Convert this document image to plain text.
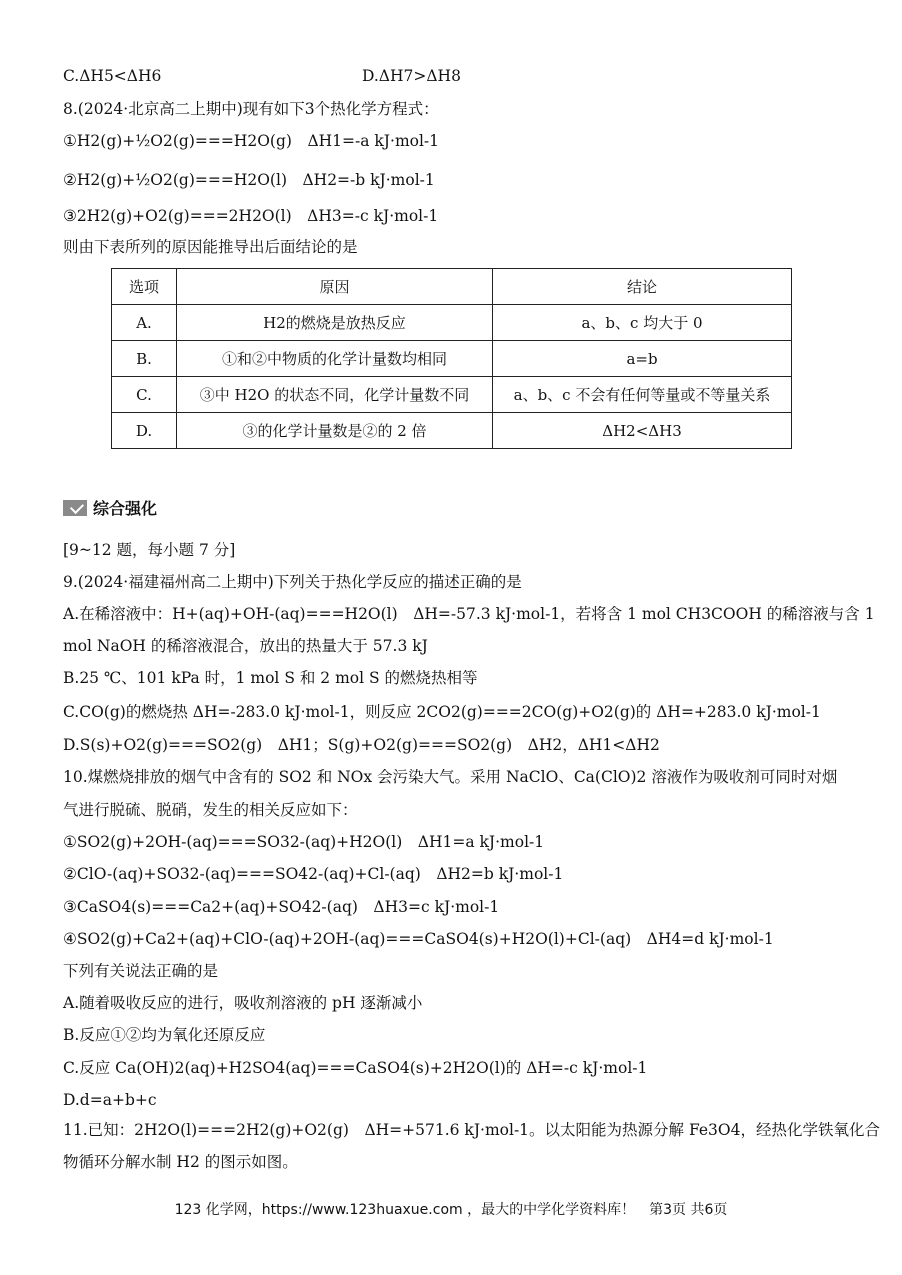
C.ΔH5<ΔH6	D.ΔH7>ΔH8
8.(2024·北京高二上期中)现有如下3个热化学方程式：
①H2(g)+½O2(g)===H2O(g)　ΔH1=-a kJ·mol-1
②H2(g)+½O2(g)===H2O(l)　ΔH2=-b kJ·mol-1
③2H2(g)+O2(g)===2H2O(l)　ΔH3=-c kJ·mol-1
则由下表所列的原因能推导出后面结论的是
选项	原因	结论
A.	H2的燃烧是放热反应	a、b、c 均大于 0
B.	①和②中物质的化学计量数均相同	a=b
C.	③中 H2O 的状态不同，化学计量数不同	a、b、c 不会有任何等量或不等量关系
D.	③的化学计量数是②的 2 倍	ΔH2<ΔH3
综合强化
[9~12 题，每小题 7 分]
9.(2024·福建福州高二上期中)下列关于热化学反应的描述正确的是
A.在稀溶液中：H+(aq)+OH-(aq)===H2O(l)　ΔH=-57.3 kJ·mol-1，若将含 1 mol CH3COOH 的稀溶液与含 1
mol NaOH 的稀溶液混合，放出的热量大于 57.3 kJ
B.25 ℃、101 kPa 时，1 mol S 和 2 mol S 的燃烧热相等
C.CO(g)的燃烧热 ΔH=-283.0 kJ·mol-1，则反应 2CO2(g)===2CO(g)+O2(g)的 ΔH=+283.0 kJ·mol-1
D.S(s)+O2(g)===SO2(g)　ΔH1；S(g)+O2(g)===SO2(g)　ΔH2，ΔH1<ΔH2
10.煤燃烧排放的烟气中含有的 SO2 和 NOx 会污染大气。采用 NaClO、Ca(ClO)2 溶液作为吸收剂可同时对烟
气进行脱硫、脱硝，发生的相关反应如下：
①SO2(g)+2OH-(aq)===SO32-(aq)+H2O(l)　ΔH1=a kJ·mol-1
②ClO-(aq)+SO32-(aq)===SO42-(aq)+Cl-(aq)　ΔH2=b kJ·mol-1
③CaSO4(s)===Ca2+(aq)+SO42-(aq)　ΔH3=c kJ·mol-1
④SO2(g)+Ca2+(aq)+ClO-(aq)+2OH-(aq)===CaSO4(s)+H2O(l)+Cl-(aq)　ΔH4=d kJ·mol-1
下列有关说法正确的是
A.随着吸收反应的进行，吸收剂溶液的 pH 逐渐减小
B.反应①②均为氧化还原反应
C.反应 Ca(OH)2(aq)+H2SO4(aq)===CaSO4(s)+2H2O(l)的 ΔH=-c kJ·mol-1
D.d=a+b+c
11.已知：2H2O(l)===2H2(g)+O2(g)　ΔH=+571.6 kJ·mol-1。以太阳能为热源分解 Fe3O4，经热化学铁氧化合
物循环分解水制 H2 的图示如图。
123 化学网，https://www.123huaxue.com ，最大的中学化学资料库！　第3页 共6页
